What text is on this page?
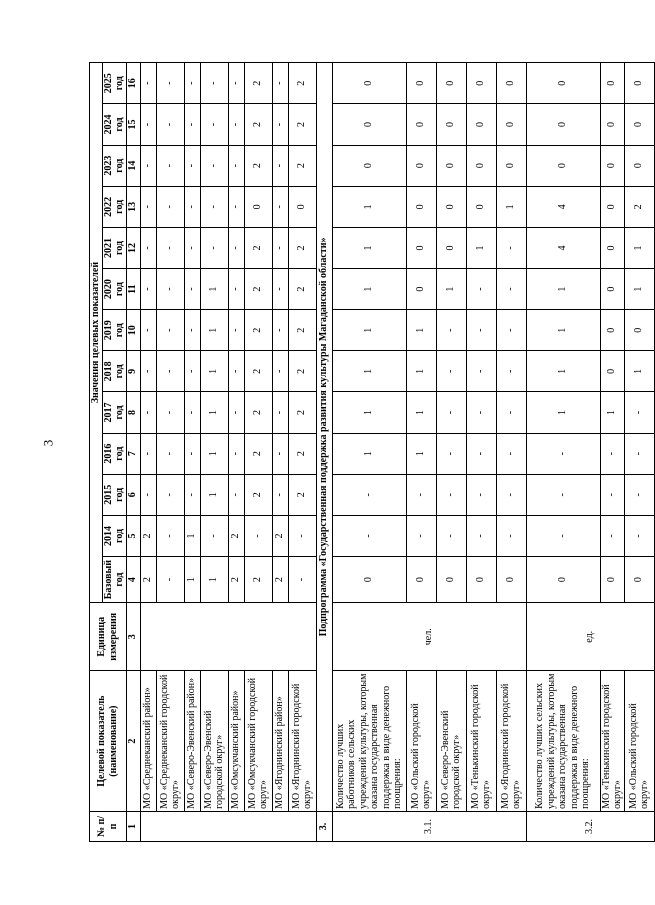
3
№ п/п	Целевой показатель (наименование)	Единица измерения	Значения целевых показателей												
			Базовый год	2014 год	2015 год	2016 год	2017 год	2018 год	2019 год	2020 год	2021 год	2022 год	2023 год	2024 год	2025 год
1	2	3	4	5	6	7	8	9	10	11	12	13	14	15	16
	МО «Среднеканский район»		2	2	-	-	-	-	-	-	-	-	-	-	-
	МО «Среднеканский городской округ»		-	-	-	-	-	-	-	-	-	-	-	-	-
	МО «Северо-Эвенский район»		1	1	-	-	-	-	-	-	-	-	-	-	-
	МО «Северо-Эвенский городской округ»		1	-	1	1	1	1	1	1	-	-	-	-	-
	МО «Омсукчанский район»		2	2	-	-	-	-	-	-	-	-	-	-	-
	МО «Омсукчанский городской округ»		2	-	2	2	2	2	2	2	2	0	2	2	2
	МО «Ягоднинский район»		2	2	-	-	-	-	-	-	-	-	-	-	-
	МО «Ягоднинский городской округ»		-	-	2	2	2	2	2	2	2	0	2	2	2
3.	Подпрограмма «Государственная поддержка развития культуры Магаданской области»														
3.1.	Количество лучших работников сельских учреждений культуры, которым оказана государственная поддержка в виде денежного поощрения:	чел.	0	-	-	1	1	1	1	1	1	1	0	0	0
	МО «Ольский городской округ»		0	-	-	1	1	1	1	0	0	0	0	0	0
	МО «Северо-Эвенский городской округ»		0	-	-	-	-	-	-	1	0	0	0	0	0
	МО «Тенькинский городской округ»		0	-	-	-	-	-	-	-	1	0	0	0	0
	МО «Ягоднинский городской округ»		0	-	-	-	-	-	-	-	-	1	0	0	0
3.2.	Количество лучших сельских учреждений культуры, которым оказана государственная поддержка в виде денежного поощрения:	ед.	0	-	-	-	1	1	1	1	4	4	0	0	0
	МО «Тенькинский городской округ»		0	-	-	-	1	0	0	0	0	0	0	0	0
	МО «Ольский городской округ»		0	-	-	-	-	1	0	1	1	2	0	0	0
